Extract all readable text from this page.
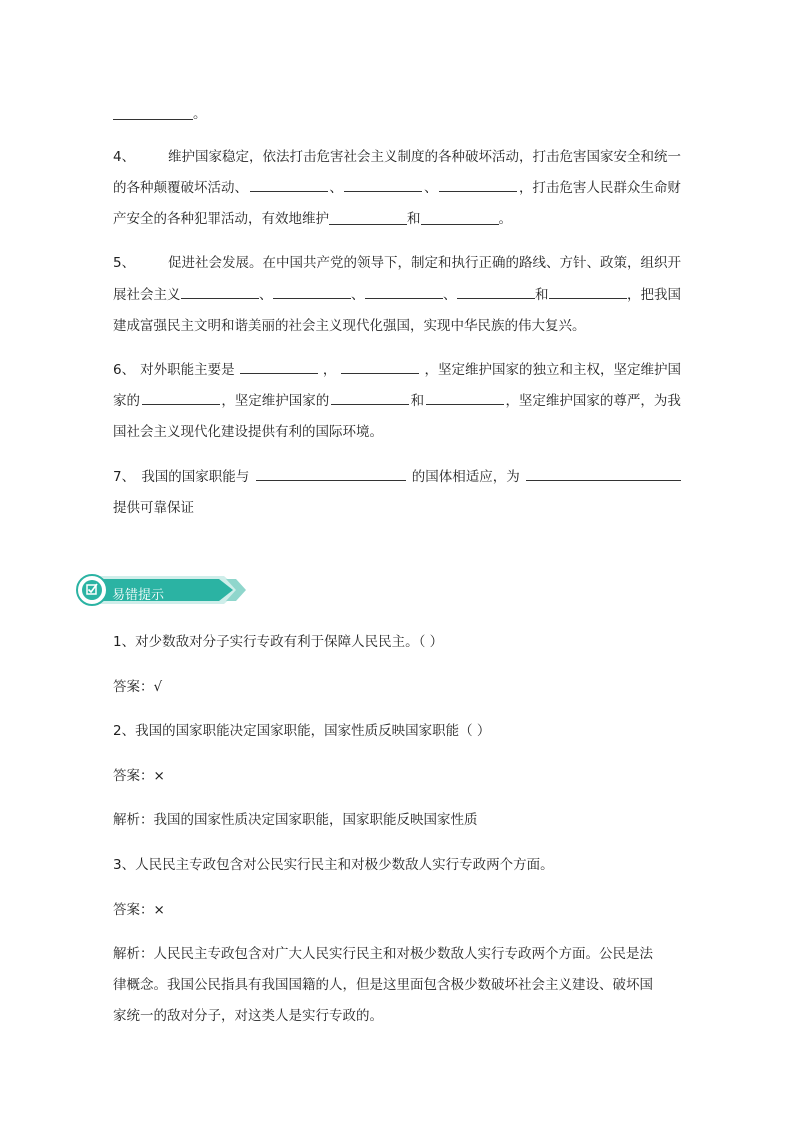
。
4、 维护国家稳定，依法打击危害社会主义制度的各种破坏活动，打击危害国家安全和统一
的各种颠覆破坏活动、	、	、	，打击危害人民群众生命财
产安全的各种犯罪活动，有效地维护	和	。
5、 促进社会发展。在中国共产党的领导下，制定和执行正确的路线、方针、政策，组织开
展社会主义	、	、	、	和	，把我国
建成富强民主文明和谐美丽的社会主义现代化强国，实现中华民族的伟大复兴。
6、 对外职能主要是	，	，坚定维护国家的独立和主权，坚定维护国
家的	，坚定维护国家的	和	，坚定维护国家的尊严，为我
国社会主义现代化建设提供有利的国际环境。
7、 我国的国家职能与	的国体相适应，为
提供可靠保证
易错提示
1、对少数敌对分子实行专政有利于保障人民民主。（ ）
答案：√
2、我国的国家职能决定国家职能，国家性质反映国家职能（ ）
答案：×
解析：我国的国家性质决定国家职能，国家职能反映国家性质
3、人民民主专政包含对公民实行民主和对极少数敌人实行专政两个方面。
答案：×
解析：人民民主专政包含对广大人民实行民主和对极少数敌人实行专政两个方面。公民是法
律概念。我国公民指具有我国国籍的人，但是这里面包含极少数破坏社会主义建设、破坏国
家统一的敌对分子，对这类人是实行专政的。
